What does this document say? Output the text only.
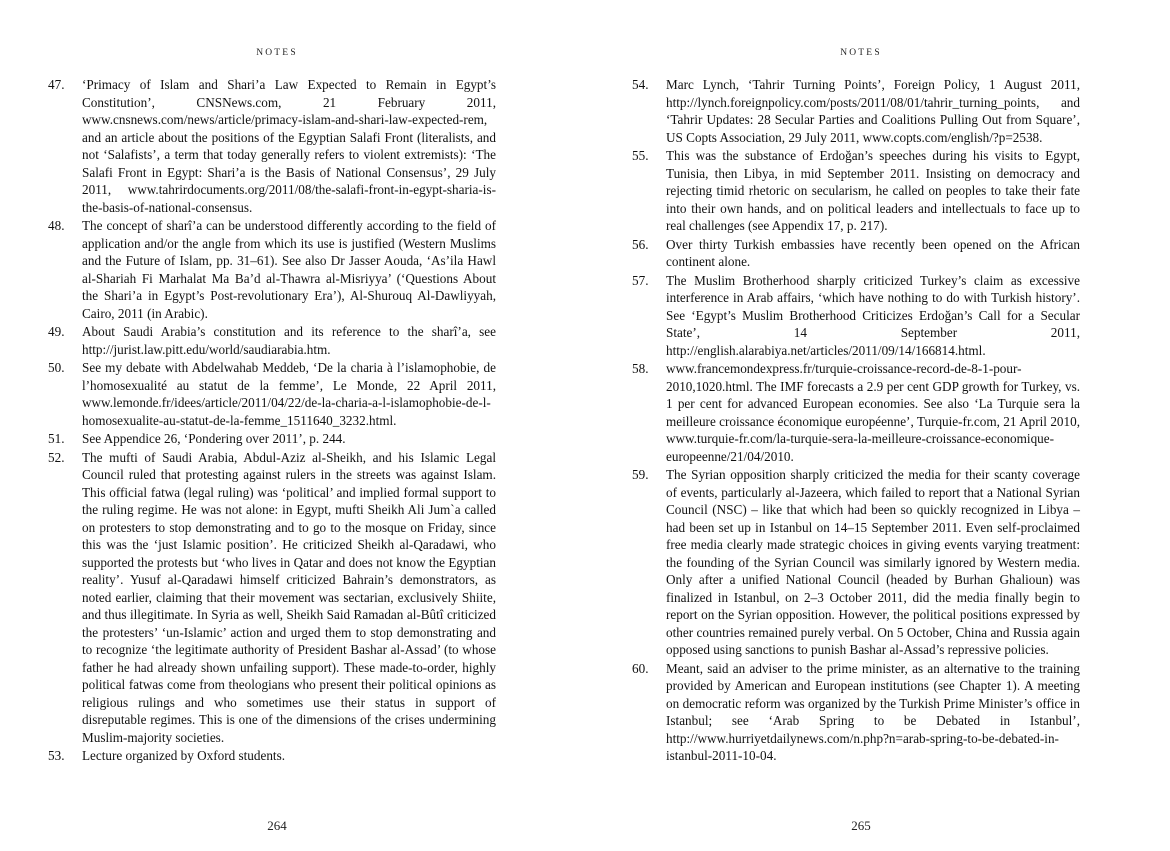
NOTES

47.	‘Primacy of Islam and Shari’a Law Expected to Remain in Egypt’s Constitution’, CNSNews.com, 21 February 2011, www.cnsnews.com/news/article/primacy-islam-and-shari-law-expected-rem, and an article about the positions of the Egyptian Salafi Front (literalists, and not ‘Salafists’, a term that today generally refers to violent extremists): ‘The Salafi Front in Egypt: Shari’a is the Basis of National Consensus’, 29 July 2011, www.tahrirdocuments.org/2011/08/the-salafi-front-in-egypt-sharia-is-the-basis-of-national-consensus.

48.	The concept of sharî’a can be understood differently according to the field of application and/or the angle from which its use is justified (Western Muslims and the Future of Islam, pp. 31–61). See also Dr Jasser Aouda, ‘As’ila Hawl al-Shariah Fi Marhalat Ma Ba’d al-Thawra al-Misriyya’ (‘Questions About the Shari’a in Egypt’s Post-revolutionary Era’), Al-Shurouq Al-Dawliyyah, Cairo, 2011 (in Arabic).

49.	About Saudi Arabia’s constitution and its reference to the sharî’a, see http://jurist.law.pitt.edu/world/saudiarabia.htm.

50.	See my debate with Abdelwahab Meddeb, ‘De la charia à l’islamophobie, de l’homosexualité au statut de la femme’, Le Monde, 22 April 2011, www.lemonde.fr/idees/article/2011/04/22/de-la-charia-a-l-islamophobie-de-l-homosexualite-au-statut-de-la-femme_1511640_3232.html.

51.	See Appendice 26, ‘Pondering over 2011’, p. 244.

52.	The mufti of Saudi Arabia, Abdul-Aziz al-Sheikh, and his Islamic Legal Council ruled that protesting against rulers in the streets was against Islam. This official fatwa (legal ruling) was ‘political’ and implied formal support to the ruling regime. He was not alone: in Egypt, mufti Sheikh Ali Jum`a called on protesters to stop demonstrating and to go to the mosque on Friday, since this was the ‘just Islamic position’. He criticized Sheikh al-Qaradawi, who supported the protests but ‘who lives in Qatar and does not know the Egyptian reality’. Yusuf al-Qaradawi himself criticized Bahrain’s demonstrators, as noted earlier, claiming that their movement was sectarian, exclusively Shiite, and thus illegitimate. In Syria as well, Sheikh Said Ramadan al-Bûtî criticized the protesters’ ‘un-Islamic’ action and urged them to stop demonstrating and to recognize ‘the legitimate authority of President Bashar al-Assad’ (to whose father he had already shown unfailing support). These made-to-order, highly political fatwas come from theologians who present their political opinions as religious rulings and who sometimes use their status in support of disreputable regimes. This is one of the dimensions of the crises undermining Muslim-majority societies.

53.	Lecture organized by Oxford students.

264
NOTES

54.	Marc Lynch, ‘Tahrir Turning Points’, Foreign Policy, 1 August 2011, http://lynch.foreignpolicy.com/posts/2011/08/01/tahrir_turning_points, and ‘Tahrir Updates: 28 Secular Parties and Coalitions Pulling Out from Square’, US Copts Association, 29 July 2011, www.copts.com/english/?p=2538.

55.	This was the substance of Erdoğan’s speeches during his visits to Egypt, Tunisia, then Libya, in mid September 2011. Insisting on democracy and rejecting timid rhetoric on secularism, he called on peoples to take their fate into their own hands, and on political leaders and intellectuals to face up to real challenges (see Appendix 17, p. 217).

56.	Over thirty Turkish embassies have recently been opened on the African continent alone.

57.	The Muslim Brotherhood sharply criticized Turkey’s claim as excessive interference in Arab affairs, ‘which have nothing to do with Turkish history’. See ‘Egypt’s Muslim Brotherhood Criticizes Erdoğan’s Call for a Secular State’, 14 September 2011, http://english.alarabiya.net/articles/2011/09/14/166814.html.

58.	www.francemondexpress.fr/turquie-croissance-record-de-8-1-pour-2010,1020.html. The IMF forecasts a 2.9 per cent GDP growth for Turkey, vs. 1 per cent for advanced European economies. See also ‘La Turquie sera la meilleure croissance économique européenne’, Turquie-fr.com, 21 April 2010, www.turquie-fr.com/la-turquie-sera-la-meilleure-croissance-economique-europeenne/21/04/2010.

59.	The Syrian opposition sharply criticized the media for their scanty coverage of events, particularly al-Jazeera, which failed to report that a National Syrian Council (NSC) – like that which had been so quickly recognized in Libya – had been set up in Istanbul on 14–15 September 2011. Even self-proclaimed free media clearly made strategic choices in giving events varying treatment: the founding of the Syrian Council was similarly ignored by Western media. Only after a unified National Council (headed by Burhan Ghalioun) was finalized in Istanbul, on 2–3 October 2011, did the media finally begin to report on the Syrian opposition. However, the political positions expressed by other countries remained purely verbal. On 5 October, China and Russia again opposed using sanctions to punish Bashar al-Assad’s repressive policies.

60.	Meant, said an adviser to the prime minister, as an alternative to the training provided by American and European institutions (see Chapter 1). A meeting on democratic reform was organized by the Turkish Prime Minister’s office in Istanbul; see ‘Arab Spring to be Debated in Istanbul’, http://www.hurriyetdailynews.com/n.php?n=arab-spring-to-be-debated-in-istanbul-2011-10-04.

265
